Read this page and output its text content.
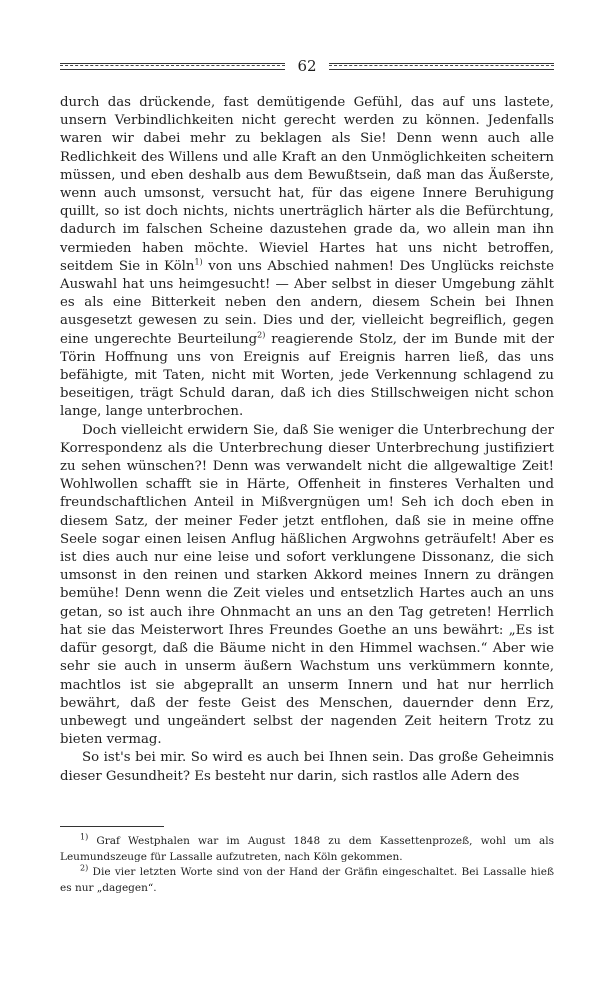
62

durch das drückende, fast demütigende Gefühl, das auf uns lastete, unsern Verbindlichkeiten nicht gerecht werden zu können. Jedenfalls waren wir dabei mehr zu beklagen als Sie! Denn wenn auch alle Redlichkeit des Willens und alle Kraft an den Unmöglichkeiten scheitern müssen, und eben deshalb aus dem Bewußtsein, daß man das Äußerste, wenn auch umsonst, versucht hat, für das eigene Innere Beruhigung quillt, so ist doch nichts, nichts unerträglich härter als die Befürchtung, dadurch im falschen Scheine dazustehen grade da, wo allein man ihn vermieden haben möchte. Wieviel Hartes hat uns nicht betroffen, seitdem Sie in Köln$^{1)}$ von uns Abschied nahmen! Des Unglücks reichste Auswahl hat uns heimgesucht! — Aber selbst in dieser Umgebung zählt es als eine Bitterkeit neben den andern, diesem Schein bei Ihnen ausgesetzt gewesen zu sein. Dies und der, vielleicht begreiflich, gegen eine ungerechte Beurteilung$^{2)}$ reagierende Stolz, der im Bunde mit der Törin Hoffnung uns von Ereignis auf Ereignis harren ließ, das uns befähigte, mit Taten, nicht mit Worten, jede Verkennung schlagend zu beseitigen, trägt Schuld daran, daß ich dies Stillschweigen nicht schon lange, lange unterbrochen.

Doch vielleicht erwidern Sie, daß Sie weniger die Unterbrechung der Korrespondenz als die Unterbrechung dieser Unterbrechung justifiziert zu sehen wünschen?! Denn was verwandelt nicht die allgewaltige Zeit! Wohlwollen schafft sie in Härte, Offenheit in finsteres Verhalten und freundschaftlichen Anteil in Mißvergnügen um! Seh ich doch eben in diesem Satz, der meiner Feder jetzt entflohen, daß sie in meine offne Seele sogar einen leisen Anflug häßlichen Argwohns geträufelt! Aber es ist dies auch nur eine leise und sofort verklungene Dissonanz, die sich umsonst in den reinen und starken Akkord meines Innern zu drängen bemühe! Denn wenn die Zeit vieles und entsetzlich Hartes auch an uns getan, so ist auch ihre Ohnmacht an uns an den Tag getreten! Herrlich hat sie das Meisterwort Ihres Freundes Goethe an uns bewährt: „Es ist dafür gesorgt, daß die Bäume nicht in den Himmel wachsen.“ Aber wie sehr sie auch in unserm äußern Wachstum uns verkümmern konnte, machtlos ist sie abgeprallt an unserm Innern und hat nur herrlich bewährt, daß der feste Geist des Menschen, dauernder denn Erz, unbewegt und ungeändert selbst der nagenden Zeit heitern Trotz zu bieten vermag.

So ist's bei mir. So wird es auch bei Ihnen sein. Das große Geheimnis dieser Gesundheit? Es besteht nur darin, sich rastlos alle Adern des

$^{1)}$ Graf Westphalen war im August 1848 zu dem Kassettenprozeß, wohl um als Leumundszeuge für Lassalle aufzutreten, nach Köln gekommen.

$^{2)}$ Die vier letzten Worte sind von der Hand der Gräfin eingeschaltet. Bei Lassalle hieß es nur „dagegen“.
